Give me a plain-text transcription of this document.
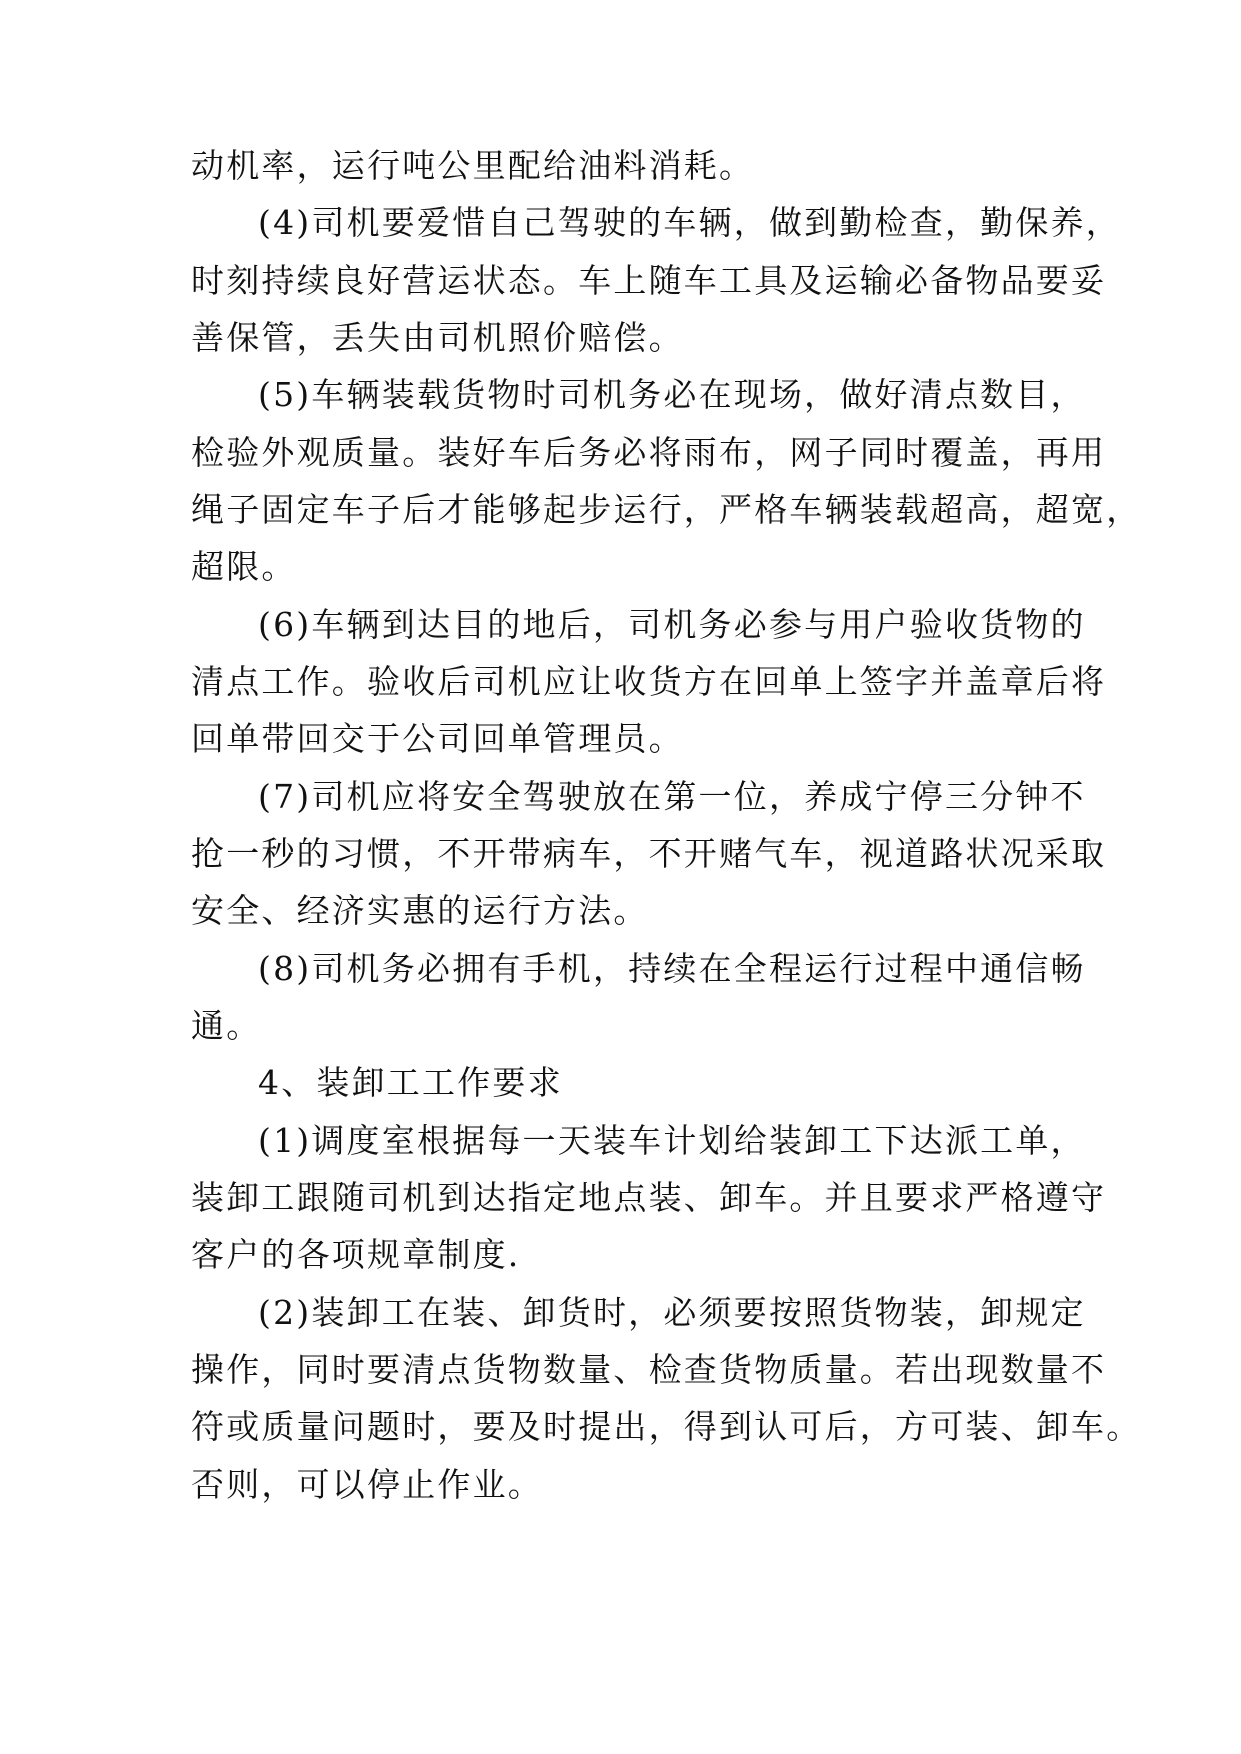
动机率，运行吨公里配给油料消耗。
(4)司机要爱惜自己驾驶的车辆，做到勤检查，勤保养，
时刻持续良好营运状态。车上随车工具及运输必备物品要妥
善保管，丢失由司机照价赔偿。
(5)车辆装载货物时司机务必在现场，做好清点数目，
检验外观质量。装好车后务必将雨布，网子同时覆盖，再用
绳子固定车子后才能够起步运行，严格车辆装载超高，超宽，
超限。
(6)车辆到达目的地后，司机务必参与用户验收货物的
清点工作。验收后司机应让收货方在回单上签字并盖章后将
回单带回交于公司回单管理员。
(7)司机应将安全驾驶放在第一位，养成宁停三分钟不
抢一秒的习惯，不开带病车，不开赌气车，视道路状况采取
安全、经济实惠的运行方法。
(8)司机务必拥有手机，持续在全程运行过程中通信畅
通。
4、装卸工工作要求
(1)调度室根据每一天装车计划给装卸工下达派工单，
装卸工跟随司机到达指定地点装、卸车。并且要求严格遵守
客户的各项规章制度.
(2)装卸工在装、卸货时，必须要按照货物装，卸规定
操作，同时要清点货物数量、检查货物质量。若出现数量不
符或质量问题时，要及时提出，得到认可后，方可装、卸车。
否则，可以停止作业。
